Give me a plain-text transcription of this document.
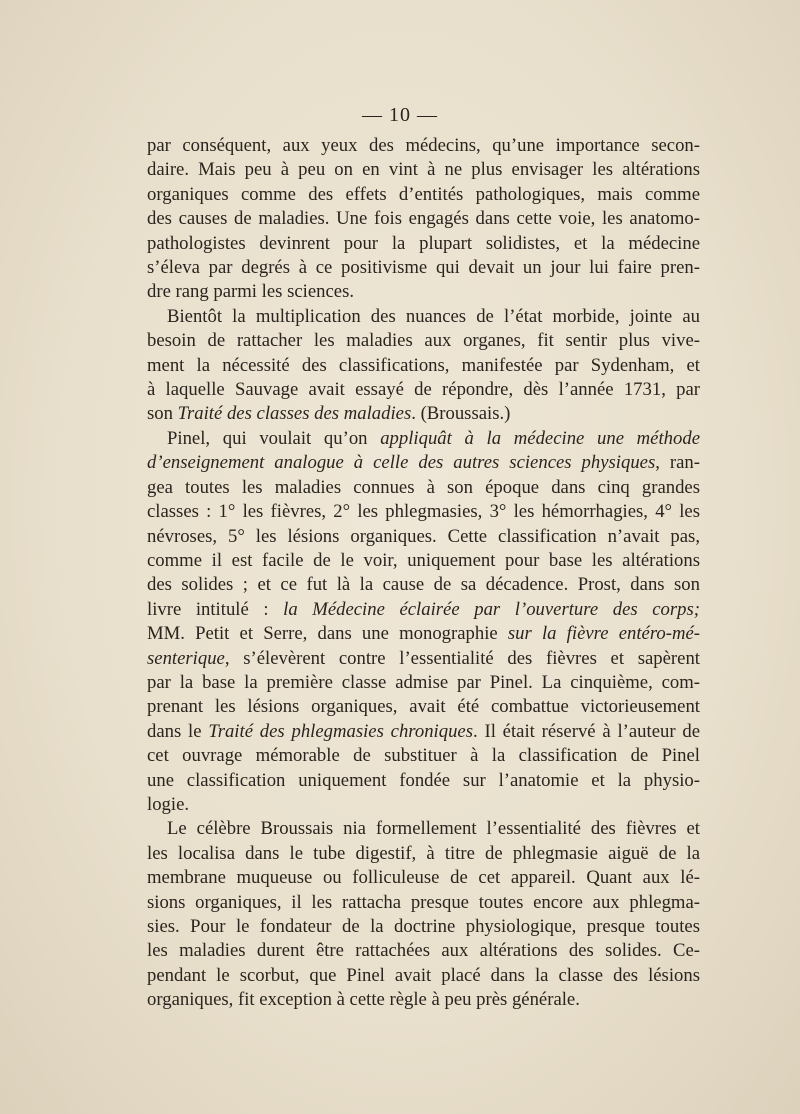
— 10 —
par conséquent, aux yeux des médecins, qu’une importance secon-
daire. Mais peu à peu on en vint à ne plus envisager les altérations
organiques comme des effets d’entités pathologiques, mais comme
des causes de maladies. Une fois engagés dans cette voie, les anatomo-
pathologistes devinrent pour la plupart solidistes, et la médecine
s’éleva par degrés à ce positivisme qui devait un jour lui faire pren-
dre rang parmi les sciences.
Bientôt la multiplication des nuances de l’état morbide, jointe au
besoin de rattacher les maladies aux organes, fit sentir plus vive-
ment la nécessité des classifications, manifestée par Sydenham, et
à laquelle Sauvage avait essayé de répondre, dès l’année 1731, par
son Traité des classes des maladies. (Broussais.)
Pinel, qui voulait qu’on appliquât à la médecine une méthode
d’enseignement analogue à celle des autres sciences physiques, ran-
gea toutes les maladies connues à son époque dans cinq grandes
classes : 1° les fièvres, 2° les phlegmasies, 3° les hémorrhagies, 4° les
névroses, 5° les lésions organiques. Cette classification n’avait pas,
comme il est facile de le voir, uniquement pour base les altérations
des solides ; et ce fut là la cause de sa décadence. Prost, dans son
livre intitulé : la Médecine éclairée par l’ouverture des corps;
MM. Petit et Serre, dans une monographie sur la fièvre entéro-mé-
senterique, s’élevèrent contre l’essentialité des fièvres et sapèrent
par la base la première classe admise par Pinel. La cinquième, com-
prenant les lésions organiques, avait été combattue victorieusement
dans le Traité des phlegmasies chroniques. Il était réservé à l’auteur de
cet ouvrage mémorable de substituer à la classification de Pinel
une classification uniquement fondée sur l’anatomie et la physio-
logie.
Le célèbre Broussais nia formellement l’essentialité des fièvres et
les localisa dans le tube digestif, à titre de phlegmasie aiguë de la
membrane muqueuse ou folliculeuse de cet appareil. Quant aux lé-
sions organiques, il les rattacha presque toutes encore aux phlegma-
sies. Pour le fondateur de la doctrine physiologique, presque toutes
les maladies durent être rattachées aux altérations des solides. Ce-
pendant le scorbut, que Pinel avait placé dans la classe des lésions
organiques, fit exception à cette règle à peu près générale.
